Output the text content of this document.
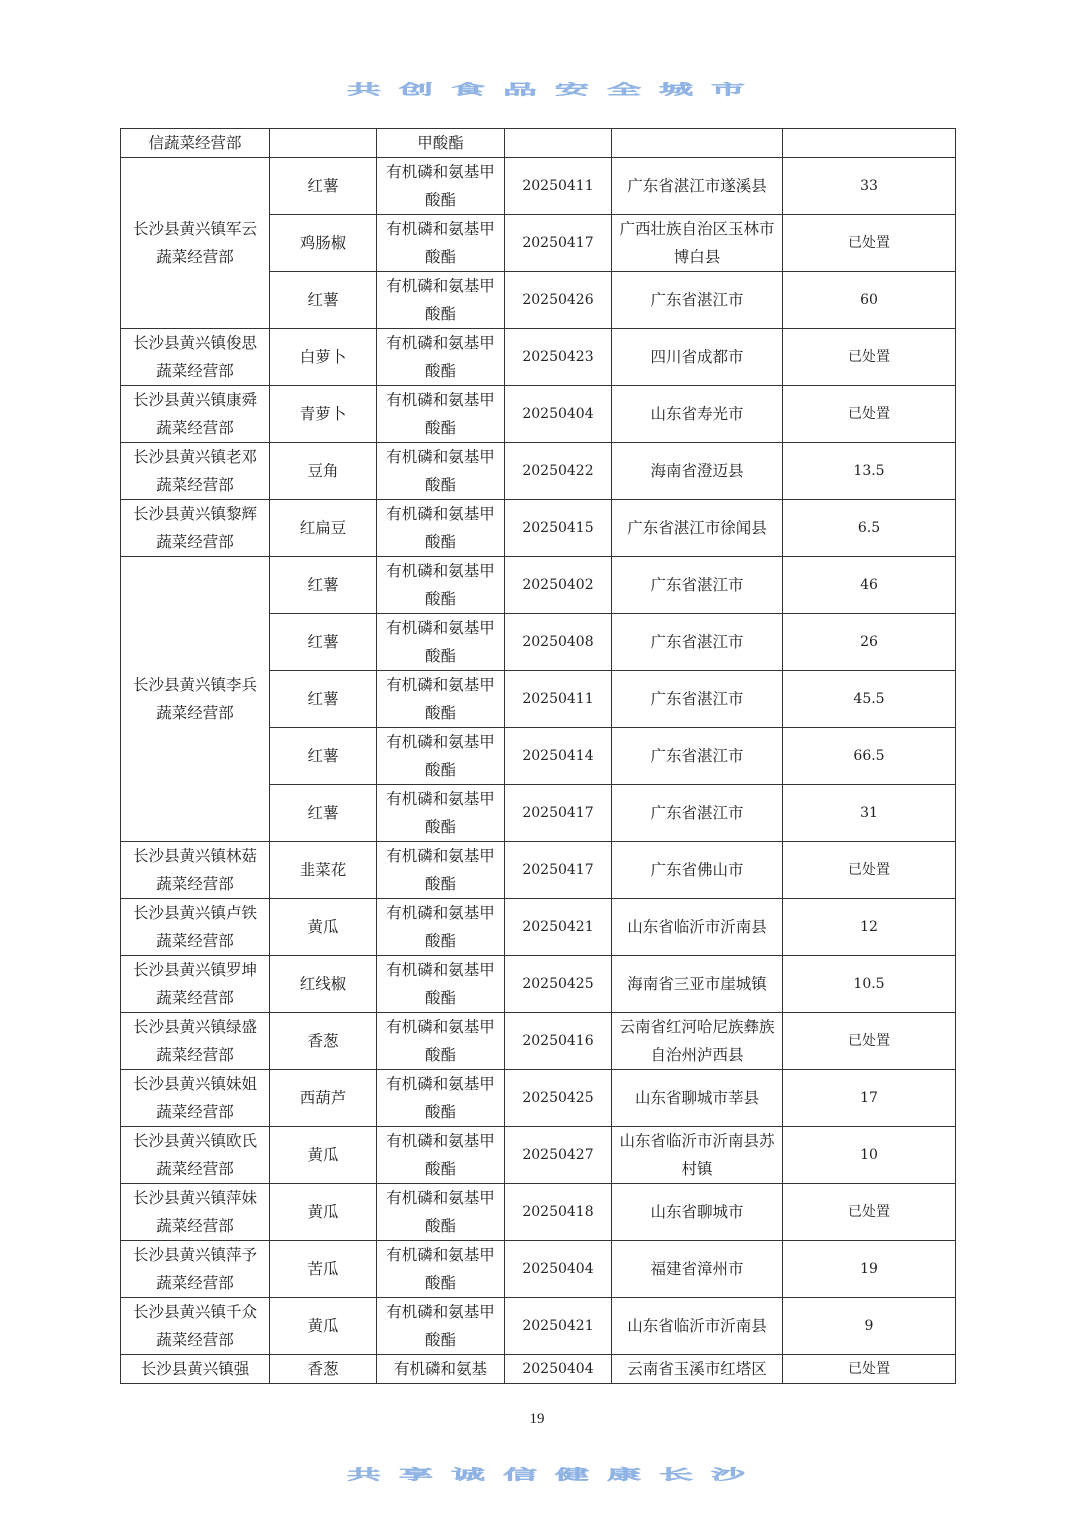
共创食品安全城市
信蔬菜经营部		甲酸酯			
长沙县黄兴镇军云蔬菜经营部	红薯	有机磷和氨基甲酸酯	20250411	广东省湛江市遂溪县	33
	鸡肠椒	有机磷和氨基甲酸酯	20250417	广西壮族自治区玉林市博白县	已处置
	红薯	有机磷和氨基甲酸酯	20250426	广东省湛江市	60
长沙县黄兴镇俊思蔬菜经营部	白萝卜	有机磷和氨基甲酸酯	20250423	四川省成都市	已处置
长沙县黄兴镇康舜蔬菜经营部	青萝卜	有机磷和氨基甲酸酯	20250404	山东省寿光市	已处置
长沙县黄兴镇老邓蔬菜经营部	豆角	有机磷和氨基甲酸酯	20250422	海南省澄迈县	13.5
长沙县黄兴镇黎辉蔬菜经营部	红扁豆	有机磷和氨基甲酸酯	20250415	广东省湛江市徐闻县	6.5
长沙县黄兴镇李兵蔬菜经营部	红薯	有机磷和氨基甲酸酯	20250402	广东省湛江市	46
	红薯	有机磷和氨基甲酸酯	20250408	广东省湛江市	26
	红薯	有机磷和氨基甲酸酯	20250411	广东省湛江市	45.5
	红薯	有机磷和氨基甲酸酯	20250414	广东省湛江市	66.5
	红薯	有机磷和氨基甲酸酯	20250417	广东省湛江市	31
长沙县黄兴镇林菇蔬菜经营部	韭菜花	有机磷和氨基甲酸酯	20250417	广东省佛山市	已处置
长沙县黄兴镇卢铁蔬菜经营部	黄瓜	有机磷和氨基甲酸酯	20250421	山东省临沂市沂南县	12
长沙县黄兴镇罗坤蔬菜经营部	红线椒	有机磷和氨基甲酸酯	20250425	海南省三亚市崖城镇	10.5
长沙县黄兴镇绿盛蔬菜经营部	香葱	有机磷和氨基甲酸酯	20250416	云南省红河哈尼族彝族自治州泸西县	已处置
长沙县黄兴镇妹姐蔬菜经营部	西葫芦	有机磷和氨基甲酸酯	20250425	山东省聊城市莘县	17
长沙县黄兴镇欧氏蔬菜经营部	黄瓜	有机磷和氨基甲酸酯	20250427	山东省临沂市沂南县苏村镇	10
长沙县黄兴镇萍妹蔬菜经营部	黄瓜	有机磷和氨基甲酸酯	20250418	山东省聊城市	已处置
长沙县黄兴镇萍予蔬菜经营部	苦瓜	有机磷和氨基甲酸酯	20250404	福建省漳州市	19
长沙县黄兴镇千众蔬菜经营部	黄瓜	有机磷和氨基甲酸酯	20250421	山东省临沂市沂南县	9
长沙县黄兴镇强	香葱	有机磷和氨基	20250404	云南省玉溪市红塔区	已处置
19
共享诚信健康长沙
